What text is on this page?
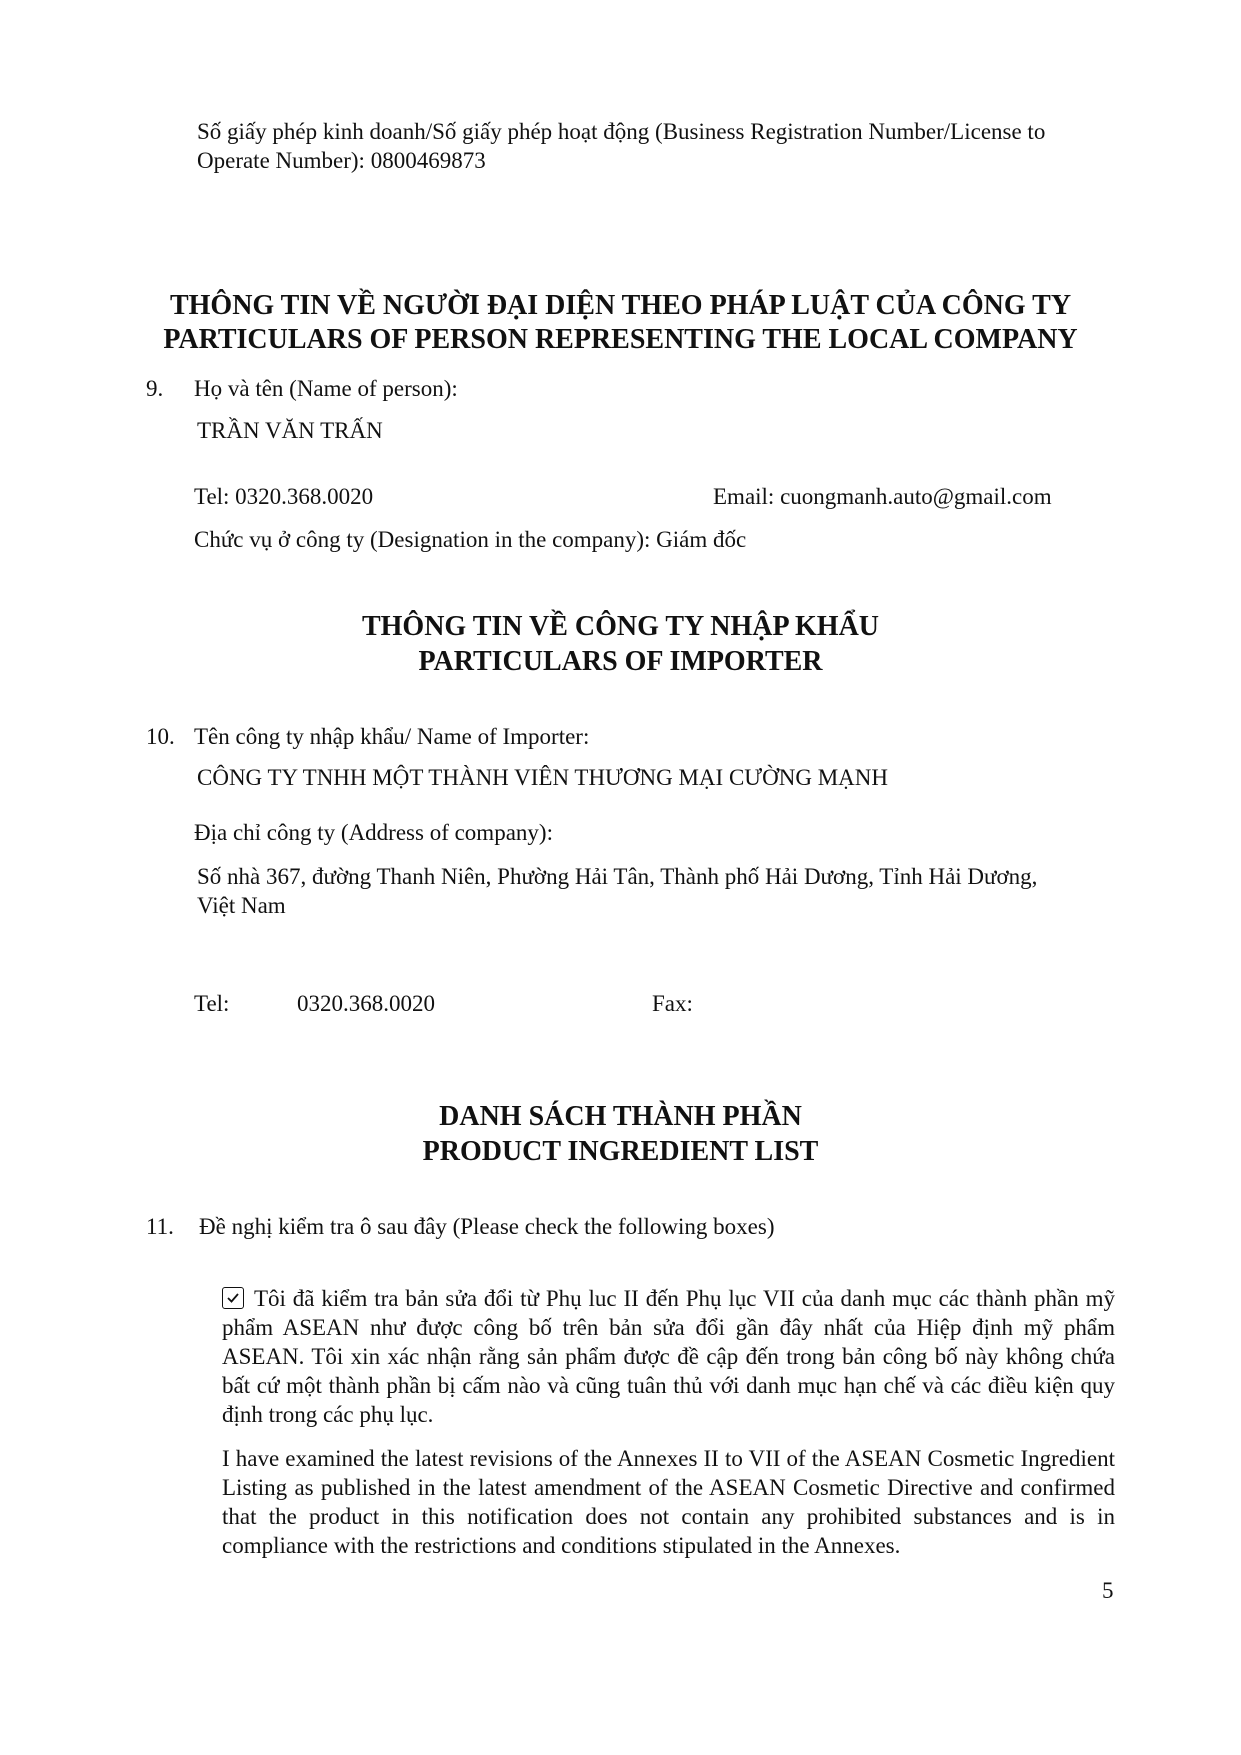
Số giấy phép kinh doanh/Số giấy phép hoạt động (Business Registration Number/License to
Operate Number): 0800469873
THÔNG TIN VỀ NGƯỜI ĐẠI DIỆN THEO PHÁP LUẬT CỦA CÔNG TY
PARTICULARS OF PERSON REPRESENTING THE LOCAL COMPANY
9. Họ và tên (Name of person):
TRẦN VĂN TRẤN
Tel: 0320.368.0020	Email: cuongmanh.auto@gmail.com
Chức vụ ở công ty (Designation in the company): Giám đốc
THÔNG TIN VỀ CÔNG TY NHẬP KHẨU
PARTICULARS OF IMPORTER
10. Tên công ty nhập khẩu/ Name of Importer:
CÔNG TY TNHH MỘT THÀNH VIÊN THƯƠNG MẠI CƯỜNG MẠNH
Địa chỉ công ty (Address of company):
Số nhà 367, đường Thanh Niên, Phường Hải Tân, Thành phố Hải Dương, Tỉnh Hải Dương,
Việt Nam
Tel:	0320.368.0020	Fax:
DANH SÁCH THÀNH PHẦN
PRODUCT INGREDIENT LIST
11. Đề nghị kiểm tra ô sau đây (Please check the following boxes)
Tôi đã kiểm tra bản sửa đổi từ Phụ luc II đến Phụ lục VII của danh mục các thành phần mỹ phẩm ASEAN như được công bố trên bản sửa đổi gần đây nhất của Hiệp định mỹ phẩm ASEAN. Tôi xin xác nhận rằng sản phẩm được đề cập đến trong bản công bố này không chứa bất cứ một thành phần bị cấm nào và cũng tuân thủ với danh mục hạn chế và các điều kiện quy định trong các phụ lục.
I have examined the latest revisions of the Annexes II to VII of the ASEAN Cosmetic Ingredient Listing as published in the latest amendment of the ASEAN Cosmetic Directive and confirmed that the product in this notification does not contain any prohibited substances and is in compliance with the restrictions and conditions stipulated in the Annexes.
5
